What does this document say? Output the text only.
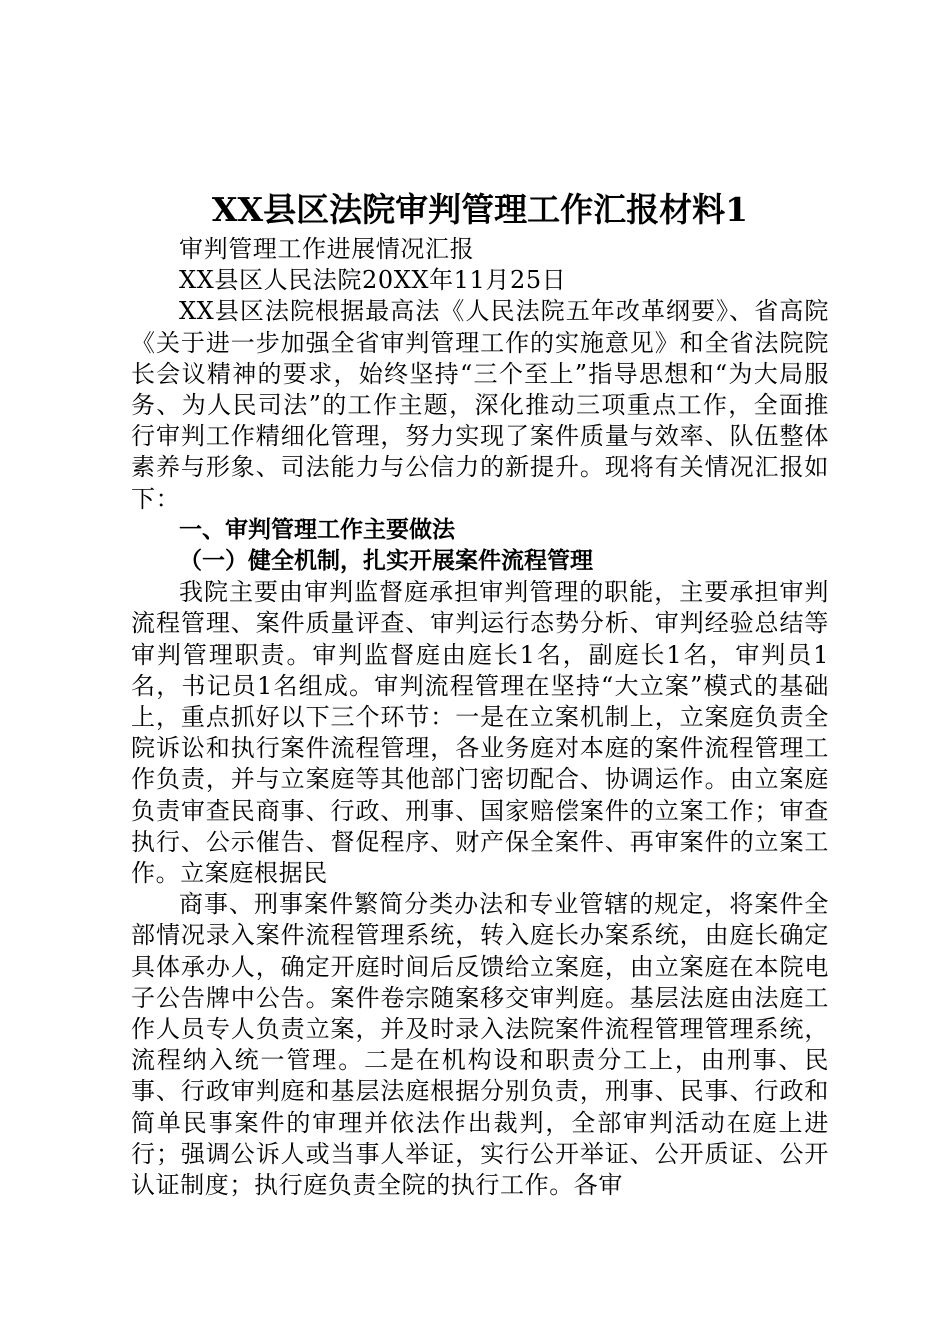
XX县区法院审判管理工作汇报材料1

审判管理工作进展情况汇报

XX县区人民法院20XX年11月25日

XX县区法院根据最高法《人民法院五年改革纲要》、省高院《关于进一步加强全省审判管理工作的实施意见》和全省法院院长会议精神的要求，始终坚持“三个至上”指导思想和“为大局服务、为人民司法”的工作主题，深化推动三项重点工作，全面推行审判工作精细化管理，努力实现了案件质量与效率、队伍整体素养与形象、司法能力与公信力的新提升。现将有关情况汇报如下：

一、审判管理工作主要做法

（一）健全机制，扎实开展案件流程管理

我院主要由审判监督庭承担审判管理的职能，主要承担审判流程管理、案件质量评查、审判运行态势分析、审判经验总结等审判管理职责。审判监督庭由庭长1名，副庭长1名，审判员1名，书记员1名组成。审判流程管理在坚持“大立案”模式的基础上，重点抓好以下三个环节：一是在立案机制上，立案庭负责全院诉讼和执行案件流程管理，各业务庭对本庭的案件流程管理工作负责，并与立案庭等其他部门密切配合、协调运作。由立案庭负责审查民商事、行政、刑事、国家赔偿案件的立案工作；审查执行、公示催告、督促程序、财产保全案件、再审案件的立案工作。立案庭根据民

商事、刑事案件繁简分类办法和专业管辖的规定，将案件全部情况录入案件流程管理系统，转入庭长办案系统，由庭长确定具体承办人，确定开庭时间后反馈给立案庭，由立案庭在本院电子公告牌中公告。案件卷宗随案移交审判庭。基层法庭由法庭工作人员专人负责立案，并及时录入法院案件流程管理管理系统，流程纳入统一管理。二是在机构设和职责分工上，由刑事、民事、行政审判庭和基层法庭根据分别负责，刑事、民事、行政和简单民事案件的审理并依法作出裁判，全部审判活动在庭上进行；强调公诉人或当事人举证，实行公开举证、公开质证、公开认证制度；执行庭负责全院的执行工作。各审
